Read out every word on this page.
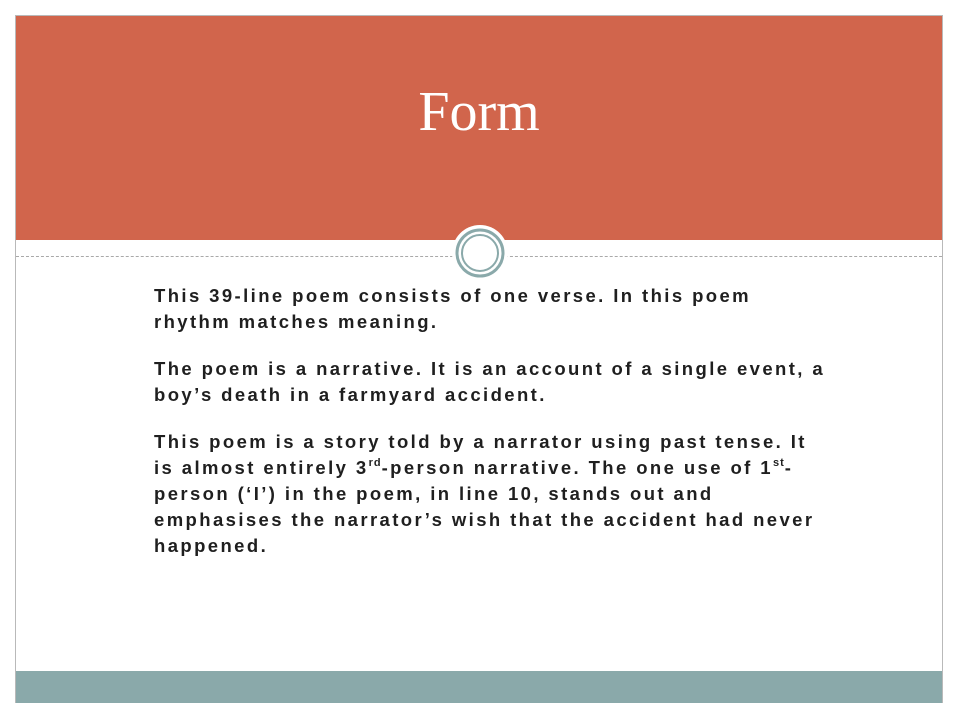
Form

This 39-line poem consists of one verse. In this poem rhythm matches meaning.

The poem is a narrative. It is an account of a single event, a boy’s death in a farmyard accident.

This poem is a story told by a narrator using past tense. It is almost entirely 3rd-person narrative. The one use of 1st-person (‘I’) in the poem, in line 10, stands out and emphasises the narrator’s wish that the accident had never happened.
